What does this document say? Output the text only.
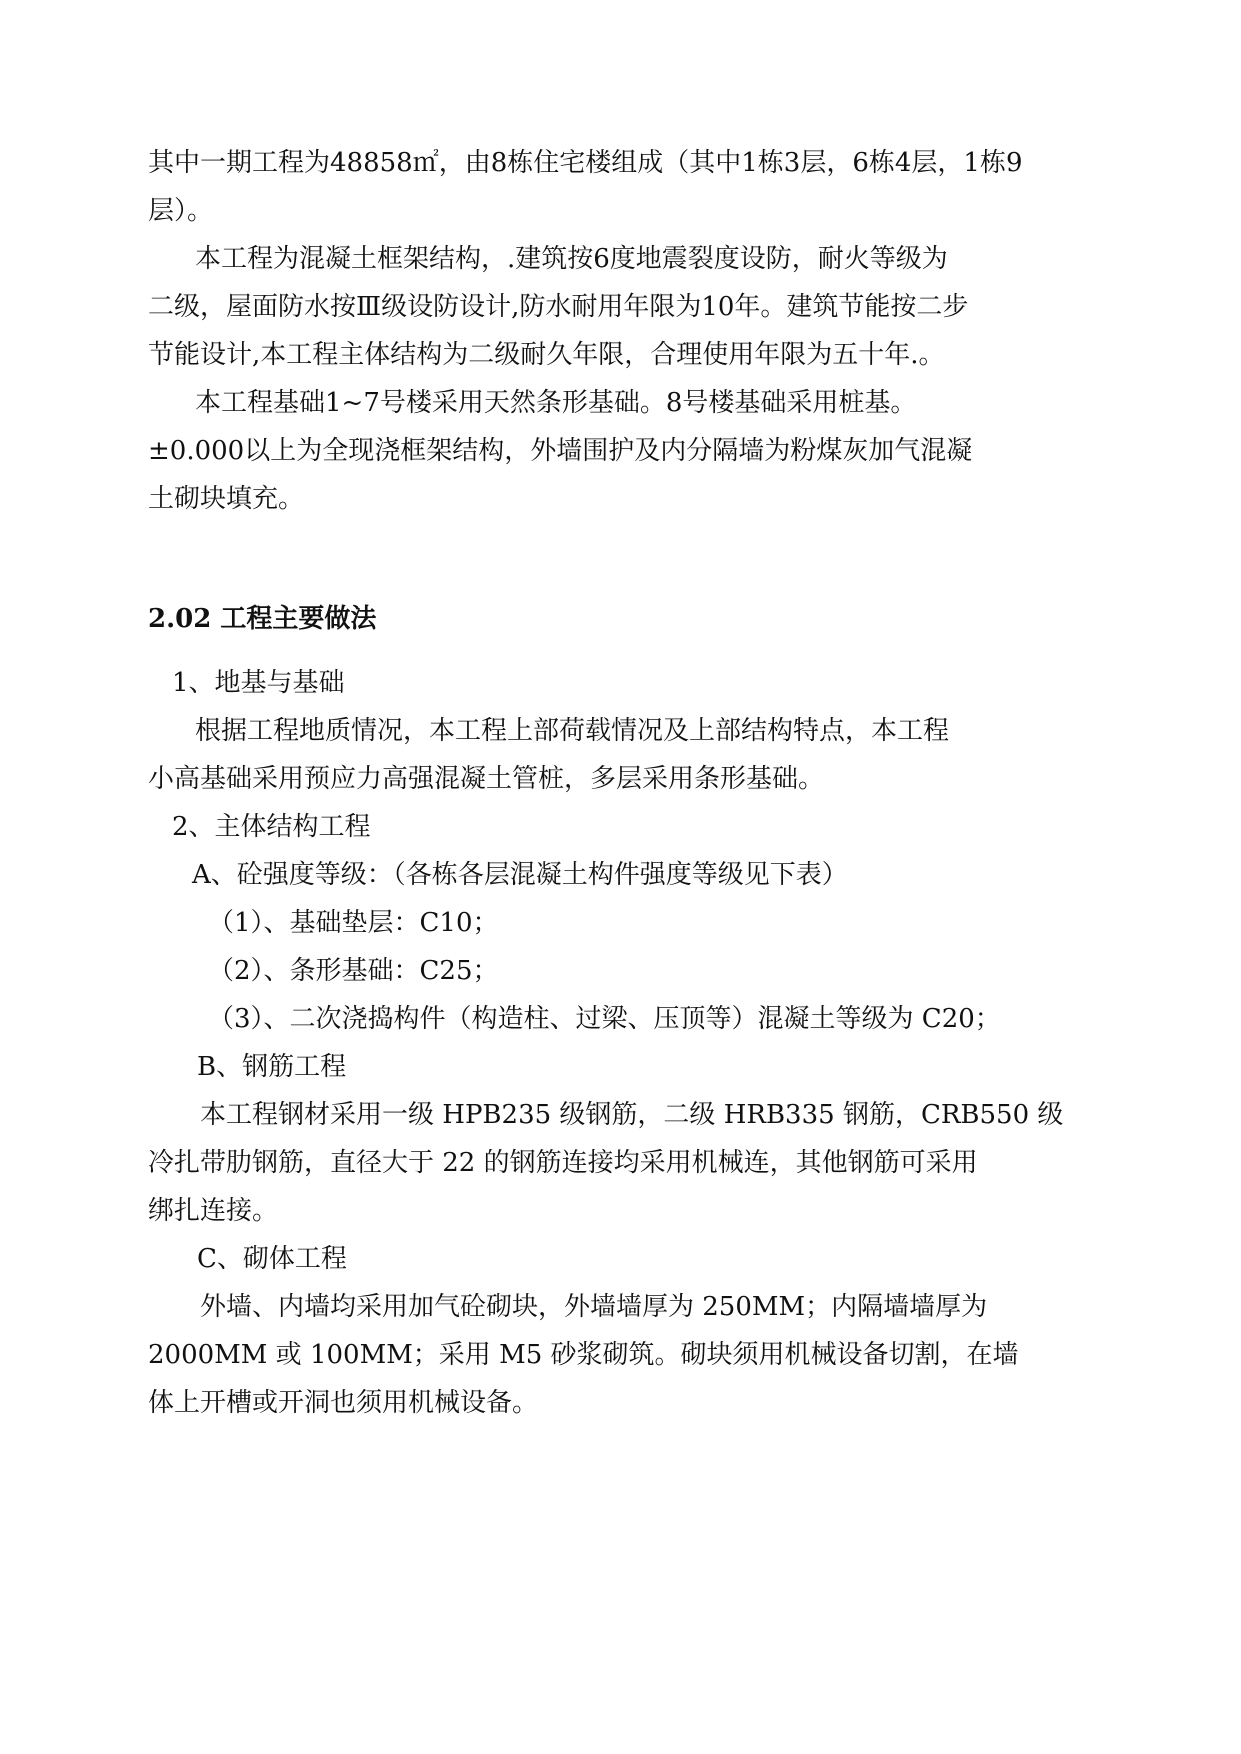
其中一期工程为48858㎡，由8栋住宅楼组成（其中1栋3层，6栋4层，1栋9
层）。
本工程为混凝土框架结构，.建筑按6度地震裂度设防，耐火等级为
二级，屋面防水按Ⅲ级设防设计,防水耐用年限为10年。建筑节能按二步
节能设计,本工程主体结构为二级耐久年限，合理使用年限为五十年.。
本工程基础1~7号楼采用天然条形基础。8号楼基础采用桩基。
±0.000以上为全现浇框架结构，外墙围护及内分隔墙为粉煤灰加气混凝
土砌块填充。
2.02 工程主要做法
1、地基与基础
根据工程地质情况，本工程上部荷载情况及上部结构特点，本工程
小高基础采用预应力高强混凝土管桩，多层采用条形基础。
2、主体结构工程
A、砼强度等级：（各栋各层混凝土构件强度等级见下表）
（1）、基础垫层：C10；
（2）、条形基础：C25；
（3）、二次浇捣构件（构造柱、过梁、压顶等）混凝土等级为 C20；
B、钢筋工程
本工程钢材采用一级 HPB235 级钢筋，二级 HRB335 钢筋，CRB550 级
冷扎带肋钢筋，直径大于 22 的钢筋连接均采用机械连，其他钢筋可采用
绑扎连接。
C、砌体工程
外墙、内墙均采用加气砼砌块，外墙墙厚为 250MM；内隔墙墙厚为
2000MM 或 100MM；采用 M5 砂浆砌筑。砌块须用机械设备切割，在墙
体上开槽或开洞也须用机械设备。
